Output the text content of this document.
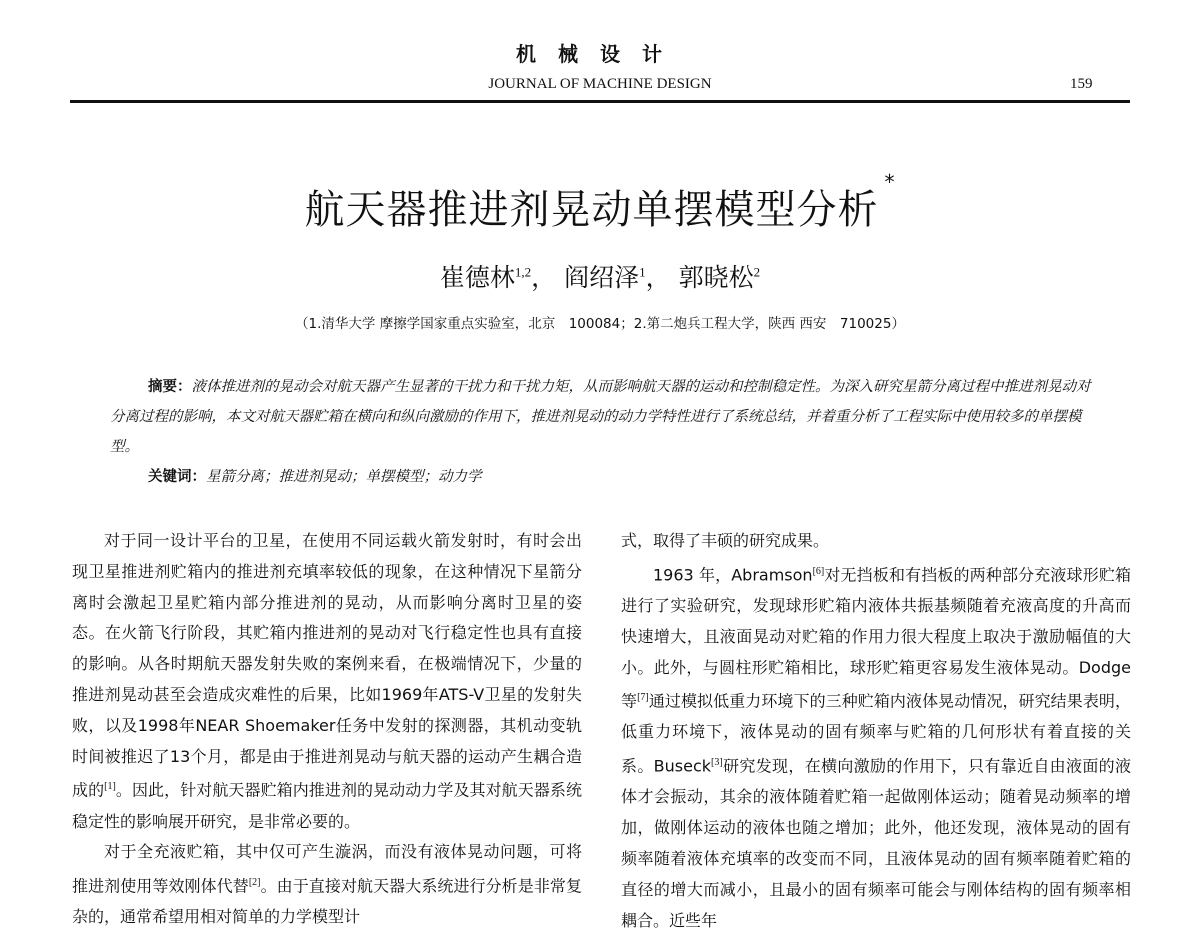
机械设计
JOURNAL OF MACHINE DESIGN	159
航天器推进剂晃动单摆模型分析*
崔德林$^{1,2}$， 阎绍泽$^1$， 郭晓松$^2$
（1.清华大学 摩擦学国家重点实验室，北京　100084；2.第二炮兵工程大学，陕西 西安　710025）

摘要：液体推进剂的晃动会对航天器产生显著的干扰力和干扰力矩，从而影响航天器的运动和控制稳定性。为深入研究星箭分离过程中推进剂晃动对分离过程的影响，本文对航天器贮箱在横向和纵向激励的作用下，推进剂晃动的动力学特性进行了系统总结，并着重分析了工程实际中使用较多的单摆模型。

关键词：星箭分离；推进剂晃动；单摆模型；动力学

对于同一设计平台的卫星，在使用不同运载火箭发射时，有时会出现卫星推进剂贮箱内的推进剂充填率较低的现象，在这种情况下星箭分离时会激起卫星贮箱内部分推进剂的晃动，从而影响分离时卫星的姿态。在火箭飞行阶段，其贮箱内推进剂的晃动对飞行稳定性也具有直接的影响。从各时期航天器发射失败的案例来看，在极端情况下，少量的推进剂晃动甚至会造成灾难性的后果，比如1969年ATS-V卫星的发射失败，以及1998年NEAR Shoemaker任务中发射的探测器，其机动变轨时间被推迟了13个月，都是由于推进剂晃动与航天器的运动产生耦合造成的[1]。因此，针对航天器贮箱内推进剂的晃动动力学及其对航天器系统稳定性的影响展开研究，是非常必要的。

对于全充液贮箱，其中仅可产生漩涡，而没有液体晃动问题，可将推进剂使用等效刚体代替[2]。由于直接对航天器大系统进行分析是非常复杂的，通常希望用相对简单的力学模型计

式，取得了丰硕的研究成果。

1963 年，Abramson[6]对无挡板和有挡板的两种部分充液球形贮箱进行了实验研究，发现球形贮箱内液体共振基频随着充液高度的升高而快速增大，且液面晃动对贮箱的作用力很大程度上取决于激励幅值的大小。此外，与圆柱形贮箱相比，球形贮箱更容易发生液体晃动。Dodge 等[7]通过模拟低重力环境下的三种贮箱内液体晃动情况，研究结果表明，低重力环境下，液体晃动的固有频率与贮箱的几何形状有着直接的关系。Buseck[3]研究发现，在横向激励的作用下，只有靠近自由液面的液体才会振动，其余的液体随着贮箱一起做刚体运动；随着晃动频率的增加，做刚体运动的液体也随之增加；此外，他还发现，液体晃动的固有频率随着液体充填率的改变而不同，且液体晃动的固有频率随着贮箱的直径的增大而减小，且最小的固有频率可能会与刚体结构的固有频率相耦合。近些年
